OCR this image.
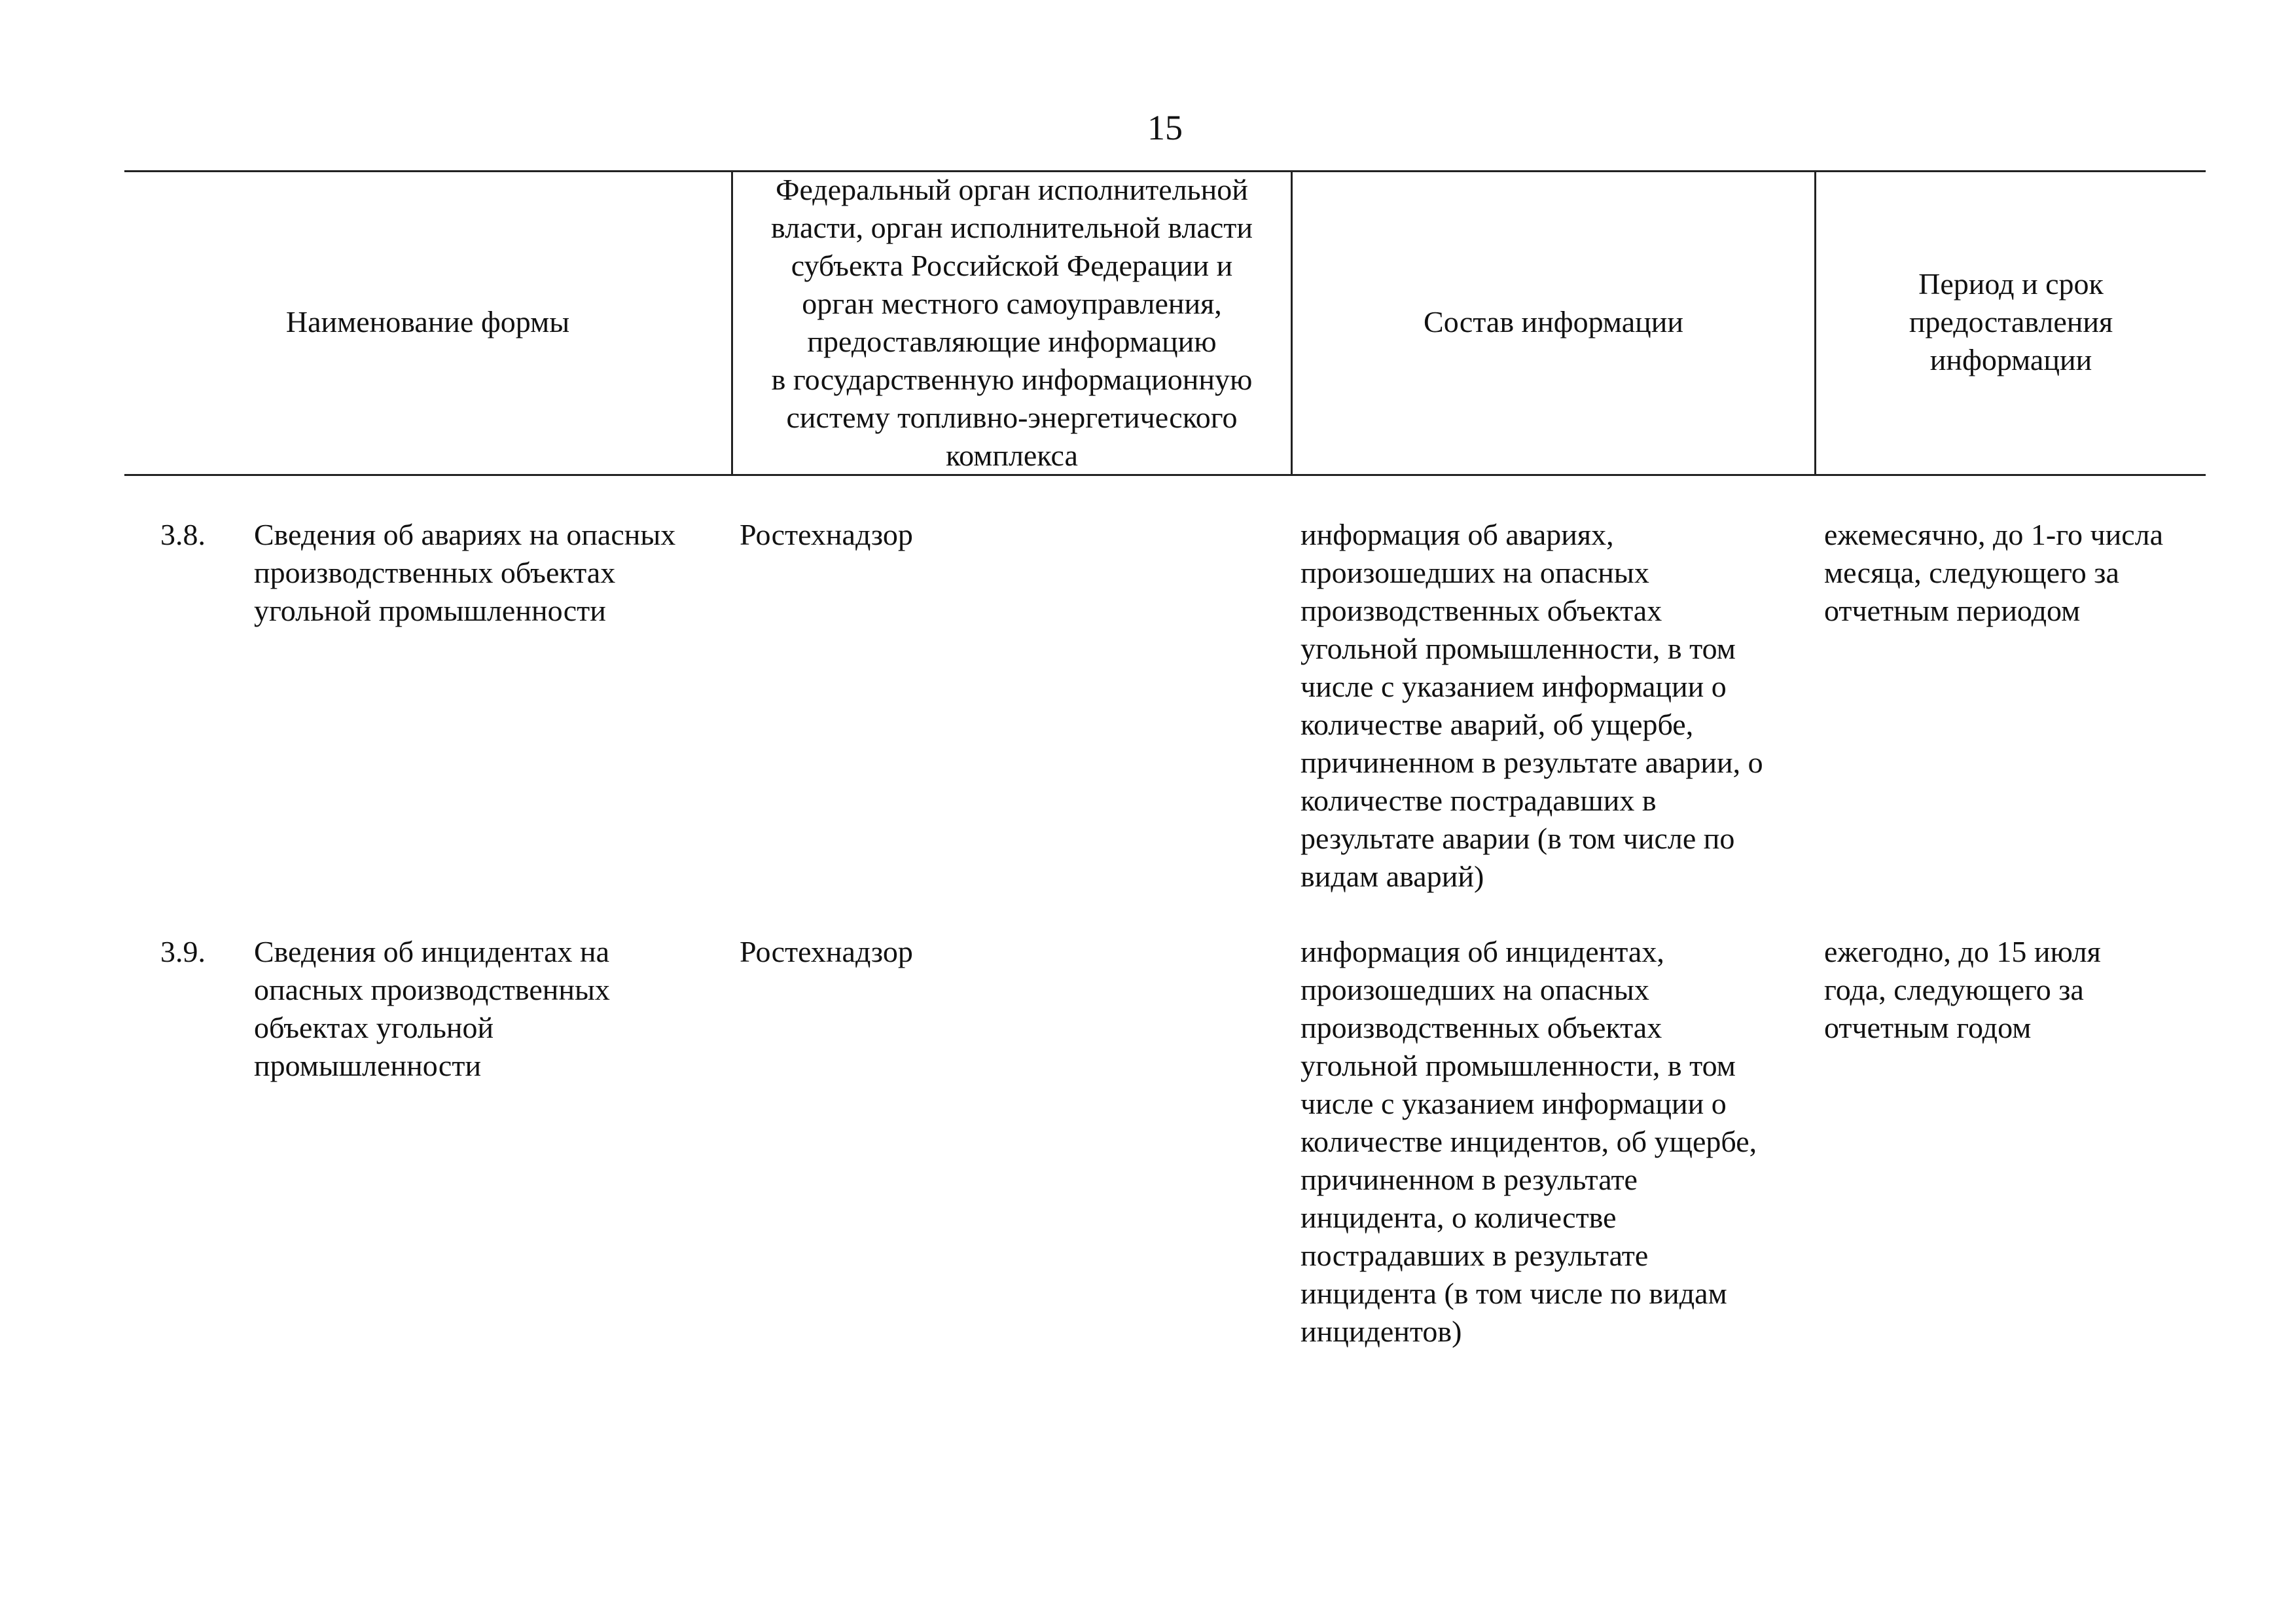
15
Наименование формы
Федеральный орган исполнительной
власти, орган исполнительной власти
субъекта Российской Федерации и
орган местного самоуправления,
предоставляющие информацию
в государственную информационную
систему топливно-энергетического
комплекса
Состав информации
Период и срок
предоставления
информации
3.8. Сведения об авариях на опасных
производственных объектах
угольной промышленности
Ростехнадзор	информация об авариях,
произошедших на опасных
производственных объектах
угольной промышленности, в том
числе с указанием информации о
количестве аварий, об ущербе,
причиненном в результате аварии, о
количестве пострадавших в
результате аварии (в том числе по
видам аварий)
ежемесячно, до 1-го числа
месяца, следующего за
отчетным периодом
3.9. Сведения об инцидентах на
опасных производственных
объектах угольной
промышленности
Ростехнадзор	информация об инцидентах,
произошедших на опасных
производственных объектах
угольной промышленности, в том
числе с указанием информации о
количестве инцидентов, об ущербе,
причиненном в результате
инцидента, о количестве
пострадавших в результате
инцидента (в том числе по видам
инцидентов)
ежегодно, до 15 июля
года, следующего за
отчетным годом
